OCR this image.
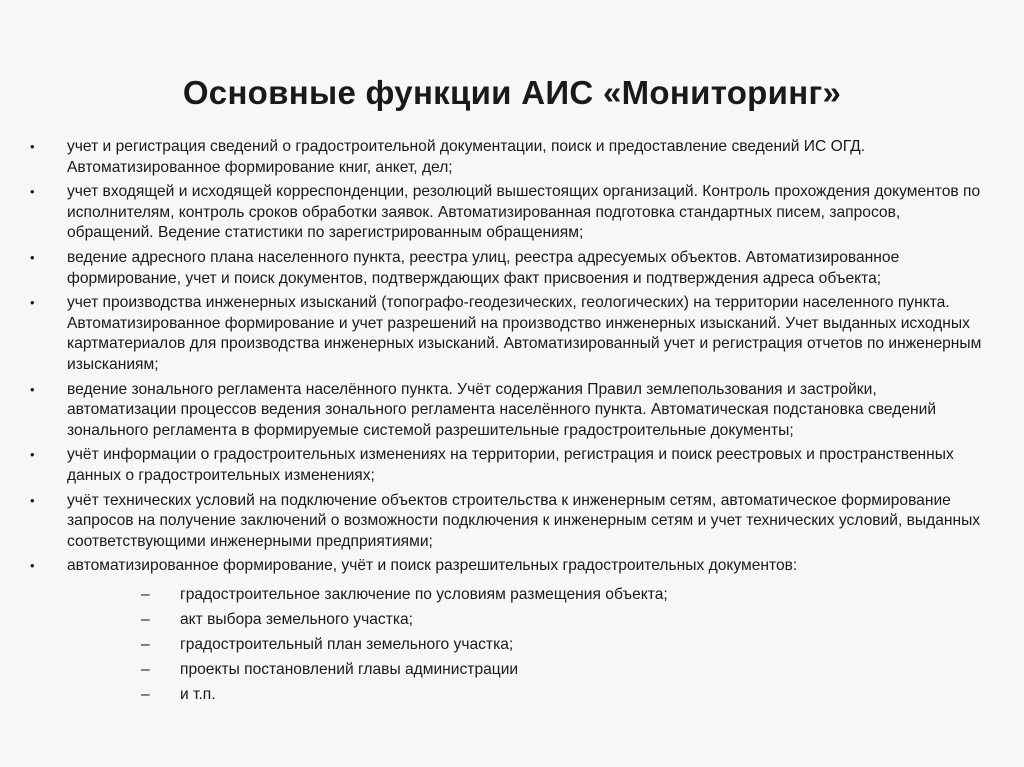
Основные функции АИС «Мониторинг»
• учет и регистрация сведений о градостроительной документации, поиск и предоставление сведений ИС ОГД. Автоматизированное формирование книг, анкет, дел;
• учет входящей и исходящей корреспонденции, резолюций вышестоящих организаций. Контроль прохождения документов по исполнителям, контроль сроков обработки заявок. Автоматизированная подготовка стандартных писем, запросов, обращений. Ведение статистики по зарегистрированным обращениям;
• ведение адресного плана населенного пункта, реестра улиц, реестра адресуемых объектов. Автоматизированное формирование, учет и поиск документов, подтверждающих факт присвоения и подтверждения адреса объекта;
• учет производства инженерных изысканий (топографо-геодезических, геологических) на территории населенного пункта. Автоматизированное формирование и учет разрешений на производство инженерных изысканий. Учет выданных исходных картматериалов для производства инженерных изысканий. Автоматизированный учет и регистрация отчетов по инженерным изысканиям;
• ведение зонального регламента населённого пункта. Учёт содержания Правил землепользования и застройки, автоматизации процессов ведения зонального регламента населённого пункта. Автоматическая подстановка сведений зонального регламента в формируемые системой разрешительные градостроительные документы;
• учёт информации о градостроительных изменениях на территории, регистрация и поиск реестровых и пространственных данных о градостроительных изменениях;
• учёт технических условий на подключение объектов строительства к инженерным сетям, автоматическое формирование запросов на получение заключений о возможности подключения к инженерным сетям и учет технических условий, выданных соответствующими инженерными предприятиями;
• автоматизированное формирование, учёт и поиск разрешительных градостроительных документов:
– градостроительное заключение по условиям размещения объекта;
– акт выбора земельного участка;
– градостроительный план земельного участка;
– проекты постановлений главы администрации
– и т.п.
